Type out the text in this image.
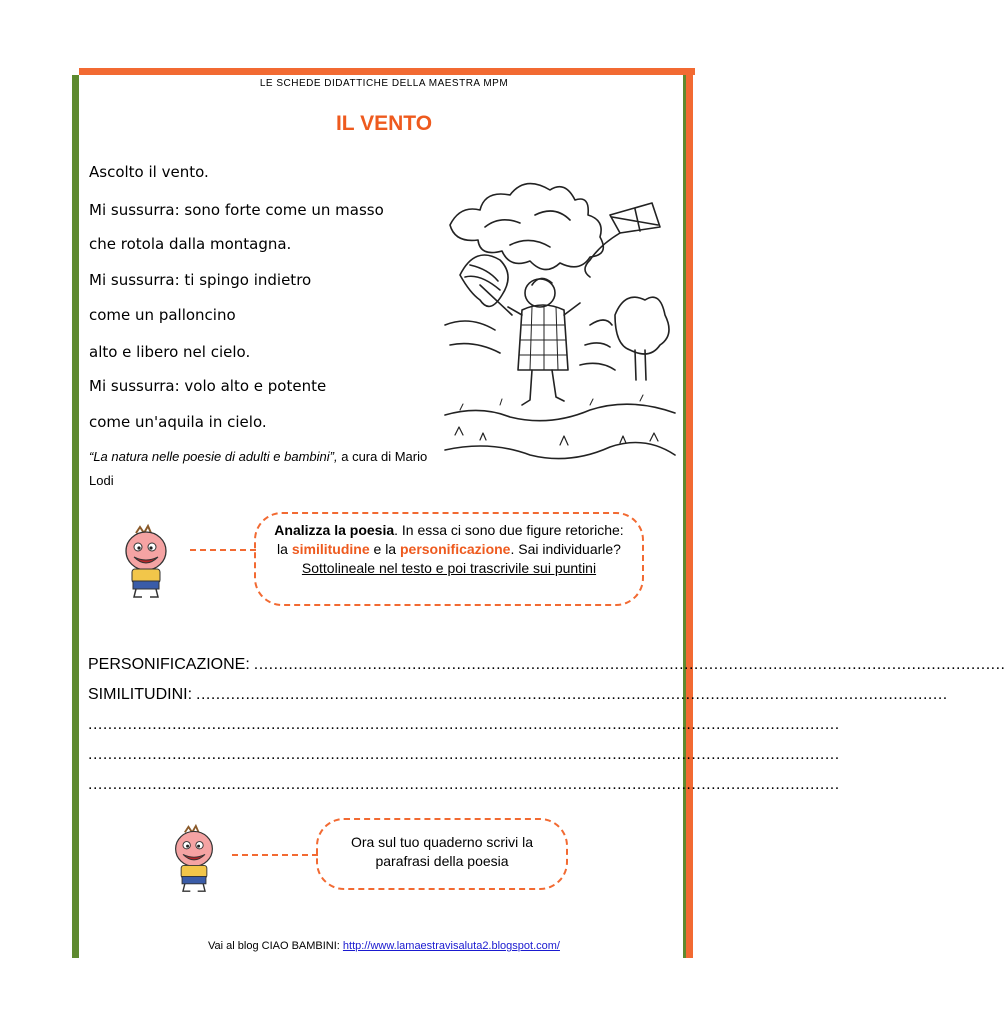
LE SCHEDE DIDATTICHE DELLA MAESTRA MPM
IL VENTO
Ascolto il vento.
Mi sussurra: sono forte come un masso
che rotola dalla montagna.
Mi sussurra: ti spingo indietro
come un palloncino
alto e libero nel cielo.
Mi sussurra: volo alto e potente
come un'aquila in cielo.
“La natura nelle poesie di adulti e bambini”, a cura di Mario Lodi
Analizza la poesia. In essa ci sono due figure retoriche: la similitudine e la personificazione. Sai individuarle? Sottolineale nel testo e poi trascrivile sui puntini
PERSONIFICAZIONE: ........................................................................................................................................................
SIMILITUDINI: ........................................................................................................................................................
........................................................................................................................................................
........................................................................................................................................................
........................................................................................................................................................
Ora sul tuo quaderno scrivi la parafrasi della poesia
Vai al blog CIAO BAMBINI: http://www.lamaestravisaluta2.blogspot.com/
